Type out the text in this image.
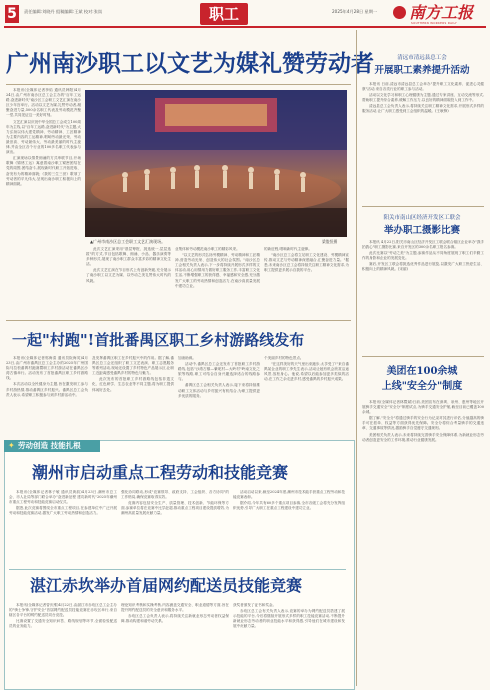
5	责任编辑:刘晓丹 组稿编辑:王斌 校对:张岚	职工	2025年4月28日 星期一 南方工报
SOUTHERN WORKERS DAILY
广州南沙职工以文艺为媒礼赞劳动者

本报讯(全媒体记者李焰 通讯员韩阳)4月24日,由广州市南沙区总工会主办的"百年工运路,奋进新时代"南沙区工会职工文艺汇演在南沙区少年宫举行。活动以文艺为媒,礼赞劳动者,凝聚奋进力量,500余名职工代表及劳动模范齐聚一堂,共同见证这一美好时刻。

文艺汇演以庆祝中华全国总工会成立100周年为主线,以"百年工运路,奋进新时代"为主题,大力弘扬以伟大建党精神、劳动精神、工匠精神为主要内容的工运精神,唱响劳动最光荣、劳动最崇高、劳动最伟大、劳动最美丽的时代主旋律,并由全区各个行业的100多名职工代表参与演出。

汇演现场以情景朗诵的方式串联节目,开场歌舞《锦绣工运》寓意着南沙职工紧密团结在党的周围,团结奋斗,展现新时代职工开拓进取、奋发有为的精神面貌;《我的三生三世》歌颂了劳动者的平凡伟大,呈现出南沙职工积极向上的精神面貌。

▲广州市南沙区总工会职工文艺汇演现场。	梁俊恒摄

此次文艺汇演采用"基层筹报、挑选统一,层层选拔"的方式,节目包括歌舞、朗诵、小品、器乐演奏等多种形式,展现了南沙职工群众丰富多彩的精神文化生活。

此次文艺汇演在节目形式上有创新突破,充分展示了南沙职工以文艺为媒、以劳动之美礼赞伟大时代的风貌。

业集体和劳动模范南沙职工的精彩风采。

"以文艺的形式弘扬劳模精神、劳动精神和工匠精神,营造劳动光荣、创造伟大的社会氛围。"南沙区总工会相关负责人表示,下一步将持续开展形式多样的文体活动,用心用情用力做好职工服务工作,丰富职工文化生活,不断增强职工的获得感、幸福感和安全感,充分激发广大职工的劳动热情和创造活力,在南沙高质量发展中建功立业。

的新征程,唱响新时代主旋律。

"南沙区总工会将立足职工文化建设、劳模精神宣传,推动文艺与劳动精神深度融合,汇聚奋进力量。"据悉,未来南沙区总工会将持续关注职工精神文化需求,为职工提供更多展示自我的平台。

一起"村跑"!首批番禺区职工乡村游路线发布

本报讯(全媒体记者郭海清 通讯员阮海英)4月23日,由广州市番禺区总工会主办的2025年广州国际马拉松番禺村跑赛暨职工乡村游活动在番禺区沙湾古镇举行。活动发布了首批番禺区职工乡村游路线。

本次活动以全民健身为主题,旨在激发职工参与乡村游热情,推动番禺区乡村振兴。番禺区总工会负责人表示,希望职工积极参与到乡村游活动中。

及发挥番禺区职工在乡村振兴中的作用。据了解,番禺区总工会还组织了职工文艺表演、职工志愿服务等系列活动,现场还设置了乡村特色产品展示区,让职工近距离感受番禺乡村的特色与魅力。

此次发布的首批职工乡村游路线包括非遗文化、红色研学、生态农业等不同主题,将为职工提供休闲好去处。

加油助威。

活动中,番禺区总工会还发布了首批职工乡村游路线,包括"沙湾古镇—紫坭村—大岭村"岭南文化之旅等线路,职工可结合自身兴趣选择适合的线路参与。

番禺区总工会相关负责人表示,接下来将持续推动职工文体活动与乡村振兴有机结合,为职工提供更多优质的服务。

个美丽乡村的特色景点。

"在这样美好的天气里出来跑步,太享受了!"来自番禺某企业的职工李先生表示,活动让她有机会欣赏沿途风景,放松身心。他说,希望以后能参加更多类似的活动,在工作之余走进乡村,感受番禺的乡村振兴成果。

✦ 劳动创造 技能扎根
潮州市启动重点工程劳动和技能竞赛

本报讯(全媒体记者林子敏 通讯员黄韵)4月23日,潮州市总工会、市人社局等部门联合举办"奋进新征程 建功新时代"2025年潮州市重点工程劳动和技能竞赛启动仪式。

据悉,此次竞赛将围绕全市重点工程项目,在参建单位中广泛开展劳动和技能竞赛活动,激发广大职工劳动热情和创造活力。

强化协同联动,形成"竞赛领导、政府支持、工会组织、各方协同"的工作格局,确保竞赛取得实效。

竞赛内容包括安全生产、质量管理、技术创新、节能环保等方面,参赛单位将在竞赛中比学赶超,推动重点工程项目建设提质增效,为潮州高质量发展贡献力量。

活动启动以来,截至2024年度,潮州市技术能手获重点工程劳动和技能竞赛表彰。

据介绍,今年共有60多个重点项目参赛,全市各级工会将充分发挥组织优势,引导广大职工在重点工程建设中建功立业。

湛江赤坎举办首届网约配送员技能竞赛

本报讯(全媒体记者曾庆维)4月22日,由湛江市赤坎区总工会主办的"骑士争锋,守护安全"首届网约配送员技能竞赛在赤坎区举行,来自辖区各平台的网约配送员同台竞技。

比赛设置了交通安全知识问答、路线规划等环节,全面检验配送员的业务能力。

理论知识考核和实操考核,内容涵盖交通安全、职业道德等方面,旨在提升网约配送员的安全意识和服务水平。

赤坎区总工会负责人表示,将持续关注新就业形态劳动者权益保障,推动构建和谐劳动关系。

获奖者颁发了证书和奖金。

赤坎区总工会有关负责人表示,竞赛的举办为网约配送员搭建了展示技能的平台,今后将继续开展形式多样的职工技能竞赛活动,不断提升新就业形态劳动者的职业技能水平和获得感,引导他们在城市建设和发展中贡献力量。

清远市清远县总工会
开展职工素养提升活动

本报讯 日前,清远市清远县总工会举办"提升职工文化素养、促进心灵健康"活动,来自各类行业的职工参与活动。

活动以文化学习和职工心理健康为主题,通过专家讲座、互动交流等形式,帮助职工提升综合素养,缓解工作压力,以良好的精神面貌投入到工作中。

清远县总工会负责人表示,将持续关注职工精神文化需求,开展形式多样的服务活动,让广大职工感受到工会组织的温暖。(王耿锋)

阳关市南山区经济开发区工联会
举办职工摄影比赛

本报讯 4月22日,阳关市南山区经济开发区工联会联合辖区企业举办"我手拍我心"职工摄影比赛,来自开发区的300余名职工报名参赛。

此次比赛以"劳动之美"为主题,参赛作品从不同角度展现了职工们辛勤工作的身影和企业的发展变化。

赛后,开发区工联会将挑选优秀作品进行展览,以激发广大职工热爱生活、积极向上的精神风貌。(宋丽)

美团在100余城
上线"安全分"制度

本报讯(全媒体记者林暨斌)日前,美团宣布在深圳、泉州、惠州等地区开展骑手交通安全"安全分"制度试点,为骑手交通安全护航,截至目前已覆盖100余城。

据了解,"安全分"将通过骑手的安全行为记录对其进行评估,分值越高的骑手可在派单、权益等方面获得优先保障。安全分将综合考量骑手的交通违章、交通事故等情况,激励骑手自觉遵守交通规则。

美团相关负责人表示,未来将持续完善骑手安全保障体系,为新就业形态劳动者创造更安全的工作环境,推动行业健康发展。
